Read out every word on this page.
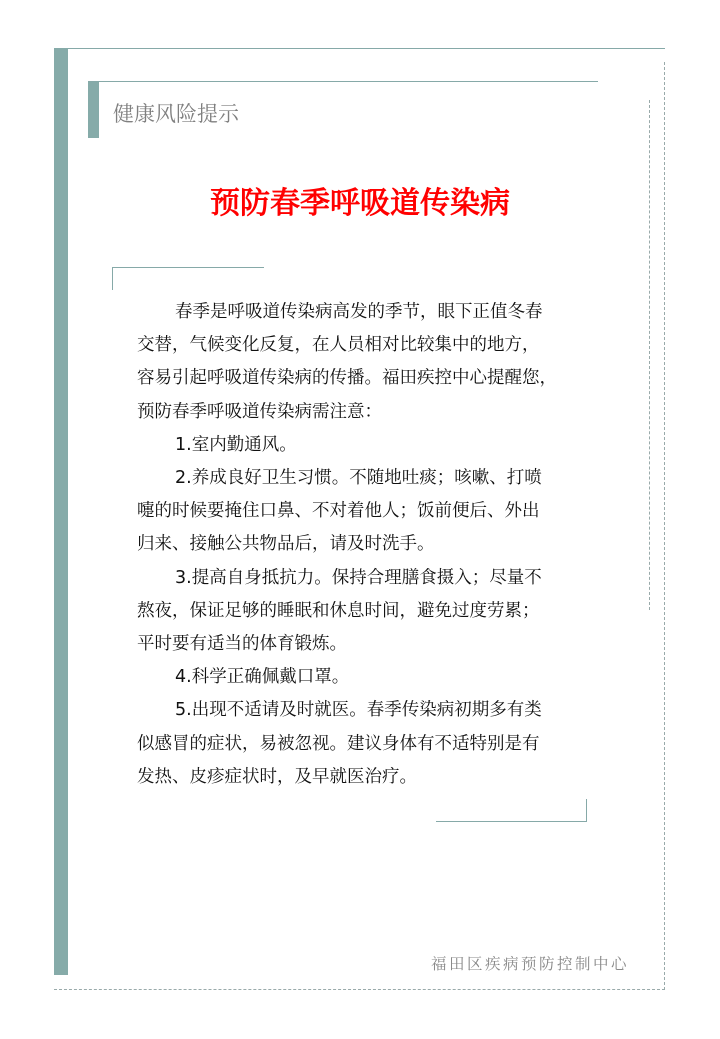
健康风险提示
预防春季呼吸道传染病
春季是呼吸道传染病高发的季节，眼下正值冬春
交替，气候变化反复，在人员相对比较集中的地方，
容易引起呼吸道传染病的传播。福田疾控中心提醒您，
预防春季呼吸道传染病需注意：
1.室内勤通风。
2.养成良好卫生习惯。不随地吐痰；咳嗽、打喷
嚏的时候要掩住口鼻、不对着他人；饭前便后、外出
归来、接触公共物品后，请及时洗手。
3.提高自身抵抗力。保持合理膳食摄入；尽量不
熬夜，保证足够的睡眠和休息时间，避免过度劳累；
平时要有适当的体育锻炼。
4.科学正确佩戴口罩。
5.出现不适请及时就医。春季传染病初期多有类
似感冒的症状，易被忽视。建议身体有不适特别是有
发热、皮疹症状时，及早就医治疗。
福田区疾病预防控制中心
